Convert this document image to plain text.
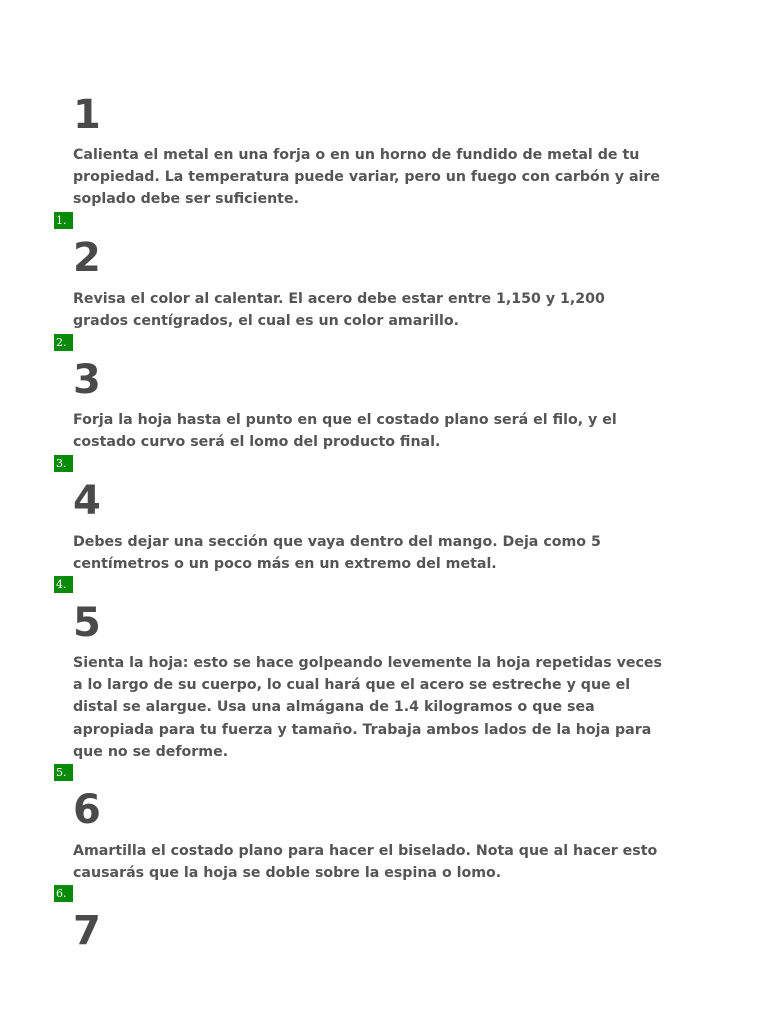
1

Calienta el metal en una forja o en un horno de fundido de metal de tu propiedad. La temperatura puede variar, pero un fuego con carbón y aire soplado debe ser suficiente.

1.
2

Revisa el color al calentar. El acero debe estar entre 1,150 y 1,200 grados centígrados, el cual es un color amarillo.

2.
3

Forja la hoja hasta el punto en que el costado plano será el filo, y el costado curvo será el lomo del producto final.

3.
4

Debes dejar una sección que vaya dentro del mango. Deja como 5 centímetros o un poco más en un extremo del metal.

4.
5

Sienta la hoja: esto se hace golpeando levemente la hoja repetidas veces a lo largo de su cuerpo, lo cual hará que el acero se estreche y que el distal se alargue. Usa una almágana de 1.4 kilogramos o que sea apropiada para tu fuerza y tamaño. Trabaja ambos lados de la hoja para que no se deforme.

5.
6

Amartilla el costado plano para hacer el biselado. Nota que al hacer esto causarás que la hoja se doble sobre la espina o lomo.

6.
7
